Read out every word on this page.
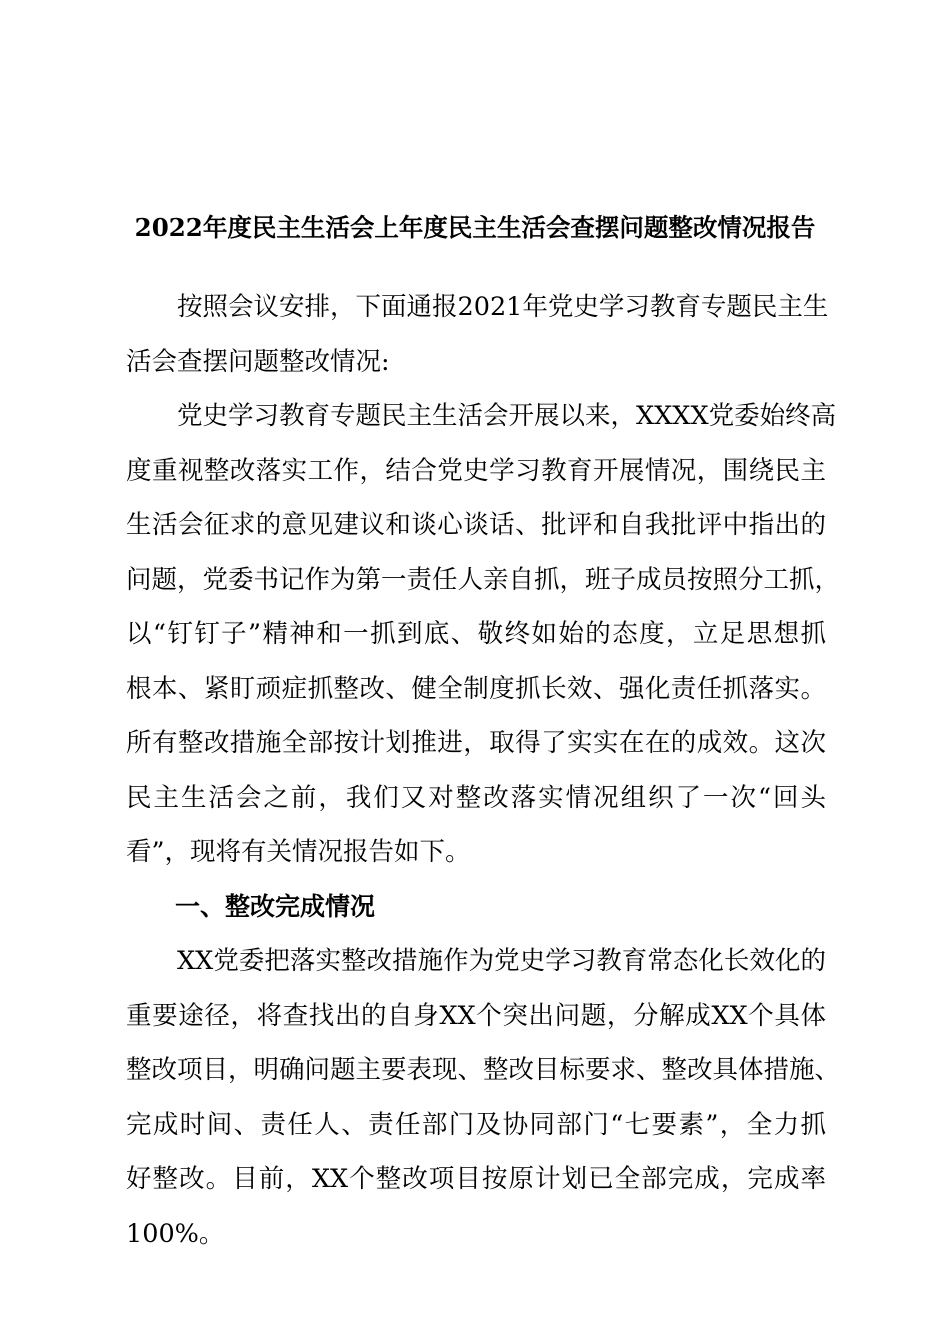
2022年度民主生活会上年度民主生活会查摆问题整改情况报告
按照会议安排，下面通报2021年党史学习教育专题民主生
活会查摆问题整改情况:
党史学习教育专题民主生活会开展以来，XXXX党委始终高
度重视整改落实工作，结合党史学习教育开展情况，围绕民主
生活会征求的意见建议和谈心谈话、批评和自我批评中指出的
问题，党委书记作为第一责任人亲自抓，班子成员按照分工抓，
以“钉钉子”精神和一抓到底、敬终如始的态度，立足思想抓
根本、紧盯顽症抓整改、健全制度抓长效、强化责任抓落实。
所有整改措施全部按计划推进，取得了实实在在的成效。这次
民主生活会之前，我们又对整改落实情况组织了一次“回头
看”，现将有关情况报告如下。
一、整改完成情况
XX党委把落实整改措施作为党史学习教育常态化长效化的
重要途径，将查找出的自身XX个突出问题，分解成XX个具体
整改项目，明确问题主要表现、整改目标要求、整改具体措施、
完成时间、责任人、责任部门及协同部门“七要素”，全力抓
好整改。目前，XX个整改项目按原计划已全部完成，完成率
100%。
